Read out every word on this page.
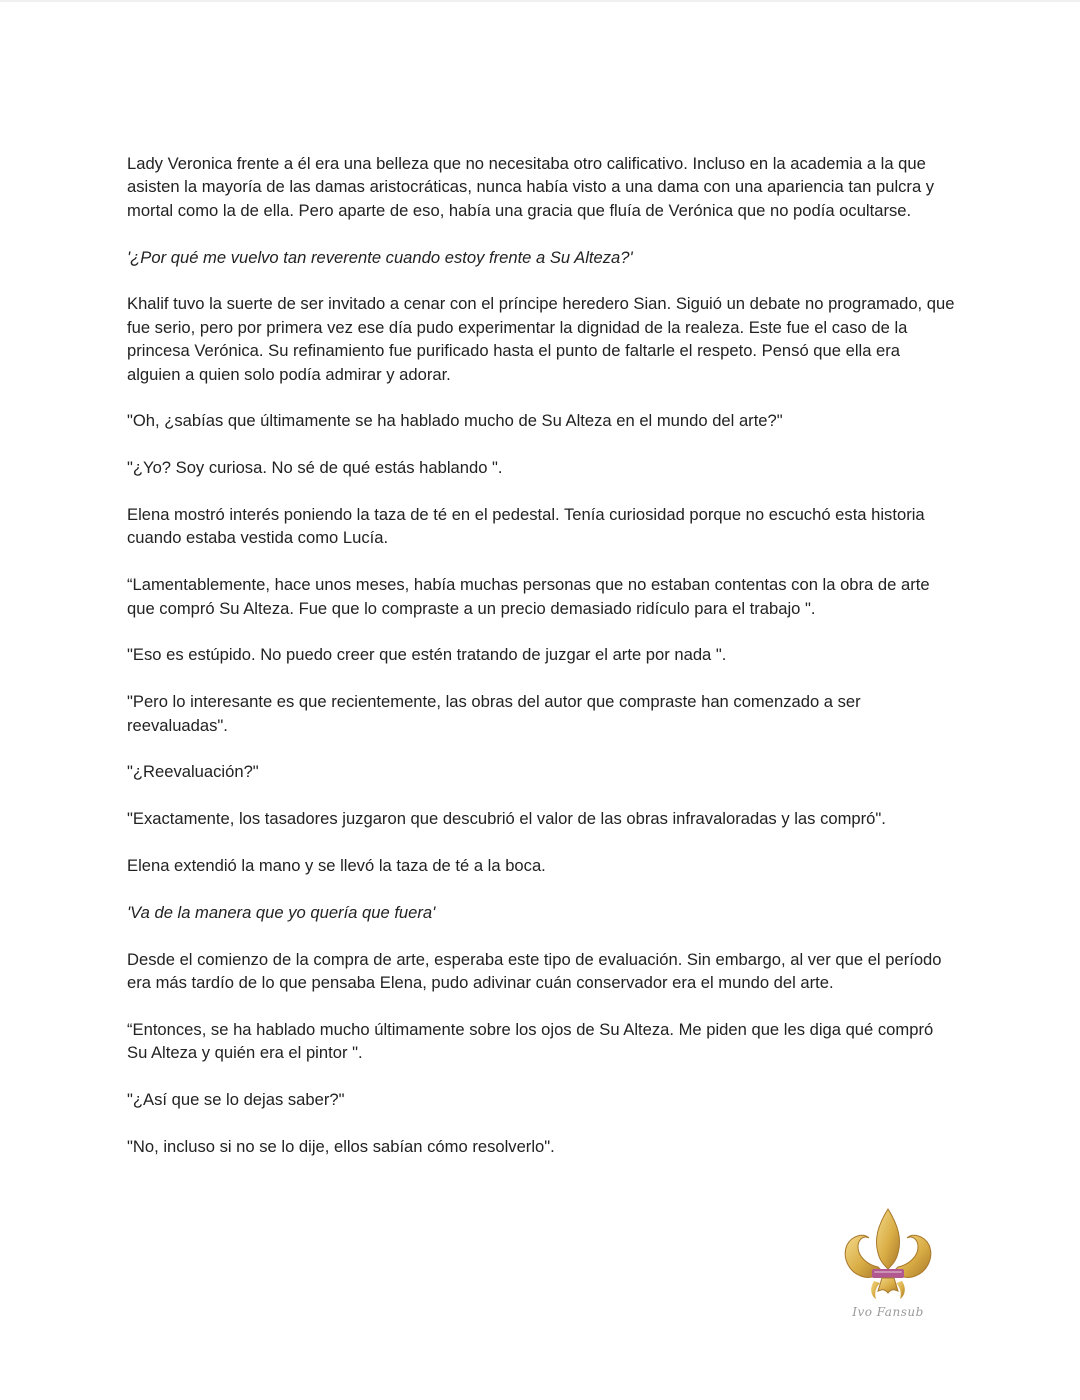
Lady Veronica frente a él era una belleza que no necesitaba otro calificativo. Incluso en la academia a la que asisten la mayoría de las damas aristocráticas, nunca había visto a una dama con una apariencia tan pulcra y mortal como la de ella. Pero aparte de eso, había una gracia que fluía de Verónica que no podía ocultarse.

'¿Por qué me vuelvo tan reverente cuando estoy frente a Su Alteza?'

Khalif tuvo la suerte de ser invitado a cenar con el príncipe heredero Sian. Siguió un debate no programado, que fue serio, pero por primera vez ese día pudo experimentar la dignidad de la realeza. Este fue el caso de la princesa Verónica. Su refinamiento fue purificado hasta el punto de faltarle el respeto. Pensó que ella era alguien a quien solo podía admirar y adorar.

"Oh, ¿sabías que últimamente se ha hablado mucho de Su Alteza en el mundo del arte?"

"¿Yo? Soy curiosa. No sé de qué estás hablando ".

Elena mostró interés poniendo la taza de té en el pedestal. Tenía curiosidad porque no escuchó esta historia cuando estaba vestida como Lucía.

“Lamentablemente, hace unos meses, había muchas personas que no estaban contentas con la obra de arte que compró Su Alteza. Fue que lo compraste a un precio demasiado ridículo para el trabajo ".

"Eso es estúpido. No puedo creer que estén tratando de juzgar el arte por nada ".

"Pero lo interesante es que recientemente, las obras del autor que compraste han comenzado a ser reevaluadas".

"¿Reevaluación?"

"Exactamente, los tasadores juzgaron que descubrió el valor de las obras infravaloradas y las compró".

Elena extendió la mano y se llevó la taza de té a la boca.

'Va de la manera que yo quería que fuera'

Desde el comienzo de la compra de arte, esperaba este tipo de evaluación. Sin embargo, al ver que el período era más tardío de lo que pensaba Elena, pudo adivinar cuán conservador era el mundo del arte.

“Entonces, se ha hablado mucho últimamente sobre los ojos de Su Alteza. Me piden que les diga qué compró Su Alteza y quién era el pintor ".

"¿Así que se lo dejas saber?"

"No, incluso si no se lo dije, ellos sabían cómo resolverlo".

Ivo Fansub
